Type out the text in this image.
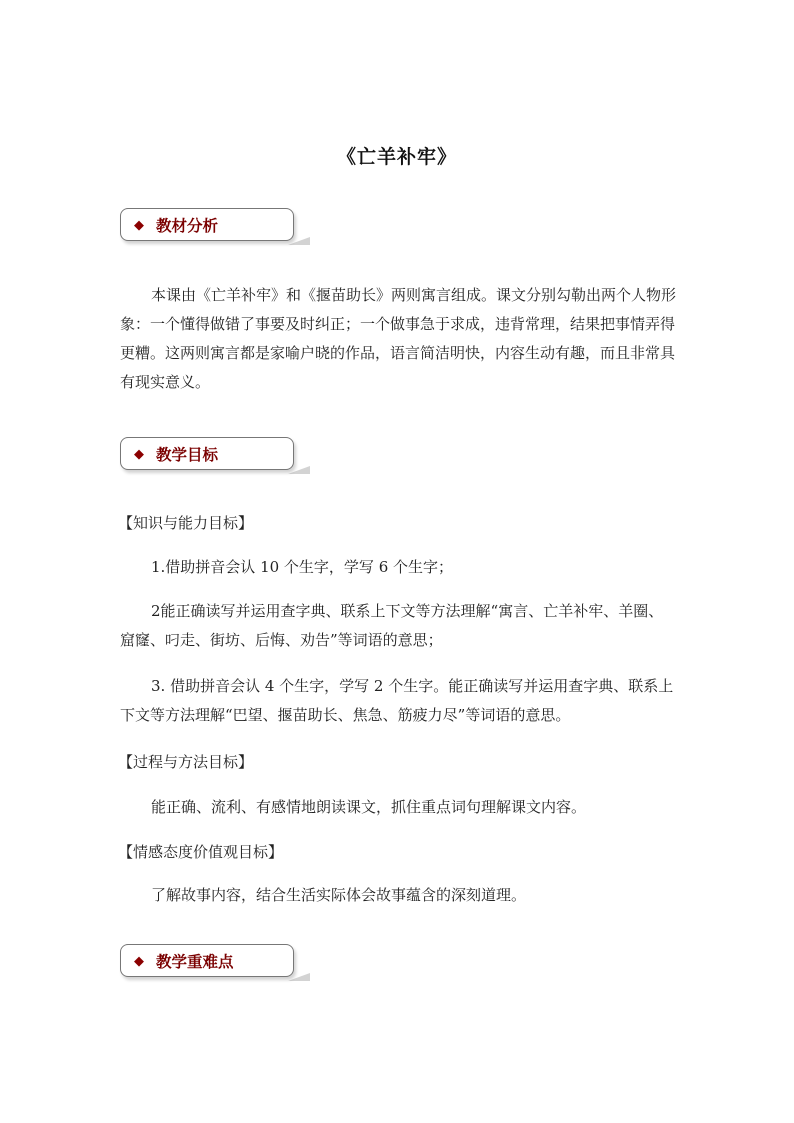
《亡羊补牢》
◆ 教材分析
本课由《亡羊补牢》和《揠苗助长》两则寓言组成。课文分别勾勒出两个人物形象：一个懂得做错了事要及时纠正；一个做事急于求成，违背常理，结果把事情弄得更糟。这两则寓言都是家喻户晓的作品，语言简洁明快，内容生动有趣，而且非常具有现实意义。
◆ 教学目标
【知识与能力目标】
1.借助拼音会认 10 个生字，学写 6 个生字；
2能正确读写并运用查字典、联系上下文等方法理解“寓言、亡羊补牢、羊圈、窟窿、叼走、街坊、后悔、劝告”等词语的意思；
3. 借助拼音会认 4 个生字，学写 2 个生字。能正确读写并运用查字典、联系上下文等方法理解“巴望、揠苗助长、焦急、筋疲力尽”等词语的意思。
【过程与方法目标】
能正确、流利、有感情地朗读课文，抓住重点词句理解课文内容。
【情感态度价值观目标】
了解故事内容，结合生活实际体会故事蕴含的深刻道理。
◆ 教学重难点
